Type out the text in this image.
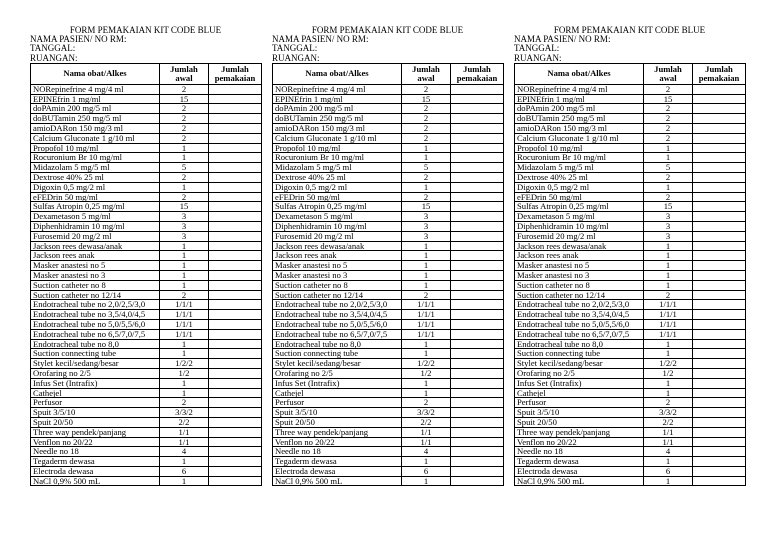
FORM PEMAKAIAN KIT CODE BLUE
NAMA PASIEN/ NO RM:
TANGGAL:
RUANGAN:
Nama obat/Alkes	Jumlah awal	Jumlah pemakaian
NORepinefrine 4 mg/4 ml	2	
EPINEfrin 1 mg/ml	15	
doPAmin 200 mg/5 ml	2	
doBUTamin 250 mg/5 ml	2	
amioDARon 150 mg/3 ml	2	
Calcium Gluconate 1 g/10 ml	2	
Propofol 10 mg/ml	1	
Rocuronium Br 10 mg/ml	1	
Midazolam 5 mg/5 ml	5	
Dextrose 40% 25 ml	2	
Digoxin 0,5 mg/2 ml	1	
eFEDrin 50 mg/ml	2	
Sulfas Atropin 0,25 mg/ml	15	
Dexametason 5 mg/ml	3	
Diphenhidramin 10 mg/ml	3	
Furosemid 20 mg/2 ml	3	
Jackson rees dewasa/anak	1	
Jackson rees anak	1	
Masker anastesi no 5	1	
Masker anastesi no 3	1	
Suction catheter no 8	1	
Suction catheter no 12/14	2	
Endotracheal tube no 2,0/2,5/3,0	1/1/1	
Endotracheal tube no 3,5/4,0/4,5	1/1/1	
Endotracheal tube no 5,0/5,5/6,0	1/1/1	
Endotracheal tube no 6,5/7,0/7,5	1/1/1	
Endotracheal tube no 8,0	1	
Suction connecting tube	1	
Stylet kecil/sedang/besar	1/2/2	
Orofaring no 2/5	1/2	
Infus Set (Intrafix)	1	
Cathejel	1	
Perfusor	2	
Spuit 3/5/10	3/3/2	
Spuit 20/50	2/2	
Three way pendek/panjang	1/1	
Venflon no 20/22	1/1	
Needle no 18	4	
Tegaderm dewasa	1	
Electroda dewasa	6	
NaCl 0,9% 500 mL	1	
FORM PEMAKAIAN KIT CODE BLUE
NAMA PASIEN/ NO RM:
TANGGAL:
RUANGAN:
Nama obat/Alkes	Jumlah awal	Jumlah pemakaian
NORepinefrine 4 mg/4 ml	2	
EPINEfrin 1 mg/ml	15	
doPAmin 200 mg/5 ml	2	
doBUTamin 250 mg/5 ml	2	
amioDARon 150 mg/3 ml	2	
Calcium Gluconate 1 g/10 ml	2	
Propofol 10 mg/ml	1	
Rocuronium Br 10 mg/ml	1	
Midazolam 5 mg/5 ml	5	
Dextrose 40% 25 ml	2	
Digoxin 0,5 mg/2 ml	1	
eFEDrin 50 mg/ml	2	
Sulfas Atropin 0,25 mg/ml	15	
Dexametason 5 mg/ml	3	
Diphenhidramin 10 mg/ml	3	
Furosemid 20 mg/2 ml	3	
Jackson rees dewasa/anak	1	
Jackson rees anak	1	
Masker anastesi no 5	1	
Masker anastesi no 3	1	
Suction catheter no 8	1	
Suction catheter no 12/14	2	
Endotracheal tube no 2,0/2,5/3,0	1/1/1	
Endotracheal tube no 3,5/4,0/4,5	1/1/1	
Endotracheal tube no 5,0/5,5/6,0	1/1/1	
Endotracheal tube no 6,5/7,0/7,5	1/1/1	
Endotracheal tube no 8,0	1	
Suction connecting tube	1	
Stylet kecil/sedang/besar	1/2/2	
Orofaring no 2/5	1/2	
Infus Set (Intrafix)	1	
Cathejel	1	
Perfusor	2	
Spuit 3/5/10	3/3/2	
Spuit 20/50	2/2	
Three way pendek/panjang	1/1	
Venflon no 20/22	1/1	
Needle no 18	4	
Tegaderm dewasa	1	
Electroda dewasa	6	
NaCl 0,9% 500 mL	1	
FORM PEMAKAIAN KIT CODE BLUE
NAMA PASIEN/ NO RM:
TANGGAL:
RUANGAN:
Nama obat/Alkes	Jumlah awal	Jumlah pemakaian
NORepinefrine 4 mg/4 ml	2	
EPINEfrin 1 mg/ml	15	
doPAmin 200 mg/5 ml	2	
doBUTamin 250 mg/5 ml	2	
amioDARon 150 mg/3 ml	2	
Calcium Gluconate 1 g/10 ml	2	
Propofol 10 mg/ml	1	
Rocuronium Br 10 mg/ml	1	
Midazolam 5 mg/5 ml	5	
Dextrose 40% 25 ml	2	
Digoxin 0,5 mg/2 ml	1	
eFEDrin 50 mg/ml	2	
Sulfas Atropin 0,25 mg/ml	15	
Dexametason 5 mg/ml	3	
Diphenhidramin 10 mg/ml	3	
Furosemid 20 mg/2 ml	3	
Jackson rees dewasa/anak	1	
Jackson rees anak	1	
Masker anastesi no 5	1	
Masker anastesi no 3	1	
Suction catheter no 8	1	
Suction catheter no 12/14	2	
Endotracheal tube no 2,0/2,5/3,0	1/1/1	
Endotracheal tube no 3,5/4,0/4,5	1/1/1	
Endotracheal tube no 5,0/5,5/6,0	1/1/1	
Endotracheal tube no 6,5/7,0/7,5	1/1/1	
Endotracheal tube no 8,0	1	
Suction connecting tube	1	
Stylet kecil/sedang/besar	1/2/2	
Orofaring no 2/5	1/2	
Infus Set (Intrafix)	1	
Cathejel	1	
Perfusor	2	
Spuit 3/5/10	3/3/2	
Spuit 20/50	2/2	
Three way pendek/panjang	1/1	
Venflon no 20/22	1/1	
Needle no 18	4	
Tegaderm dewasa	1	
Electroda dewasa	6	
NaCl 0,9% 500 mL	1	
